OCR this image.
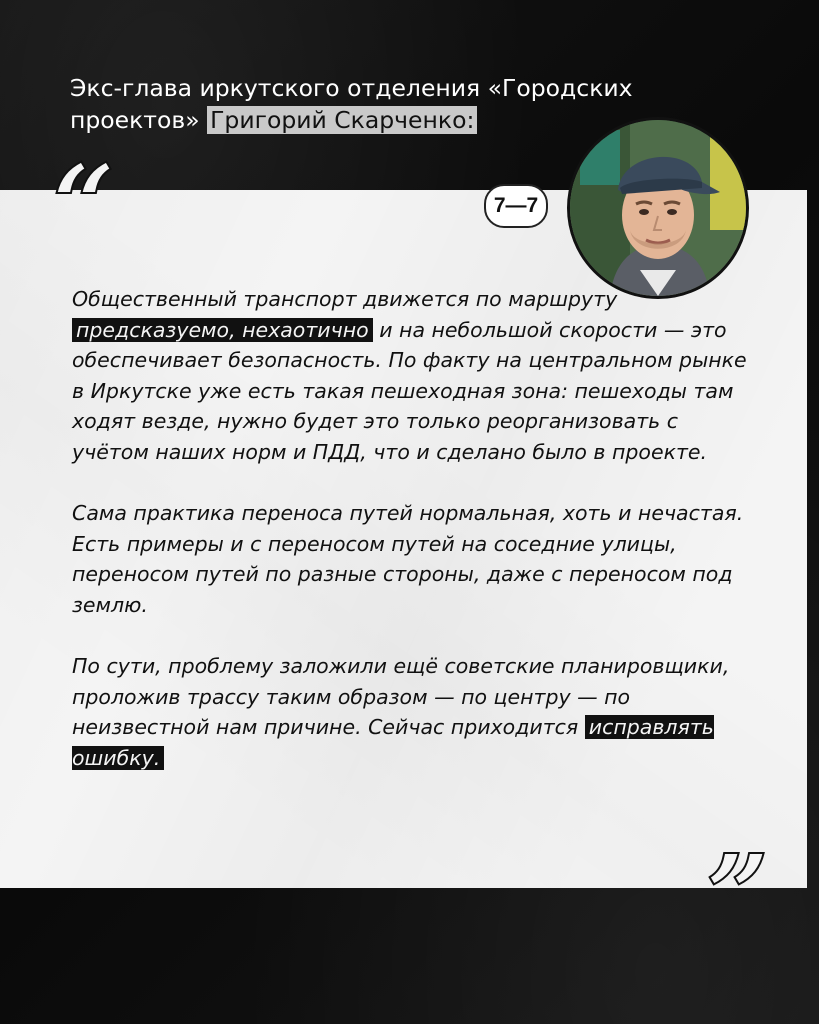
Экс-глава иркутского отделения «Городских проектов» Григорий Скарченко:
“	7—7

Общественный транспорт движется по маршруту предсказуемо, нехаотично и на небольшой скорости — это обеспечивает безопасность. По факту на центральном рынке в Иркутске уже есть такая пешеходная зона: пешеходы там ходят везде, нужно будет это только реорганизовать с учётом наших норм и ПДД, что и сделано было в проекте.

Сама практика переноса путей нормальная, хоть и нечастая. Есть примеры и с переносом путей на соседние улицы, переносом путей по разные стороны, даже с переносом под землю.

По сути, проблему заложили ещё советские планировщики, проложив трассу таким образом — по центру — по неизвестной нам причине. Сейчас приходится исправлять ошибку.

”
